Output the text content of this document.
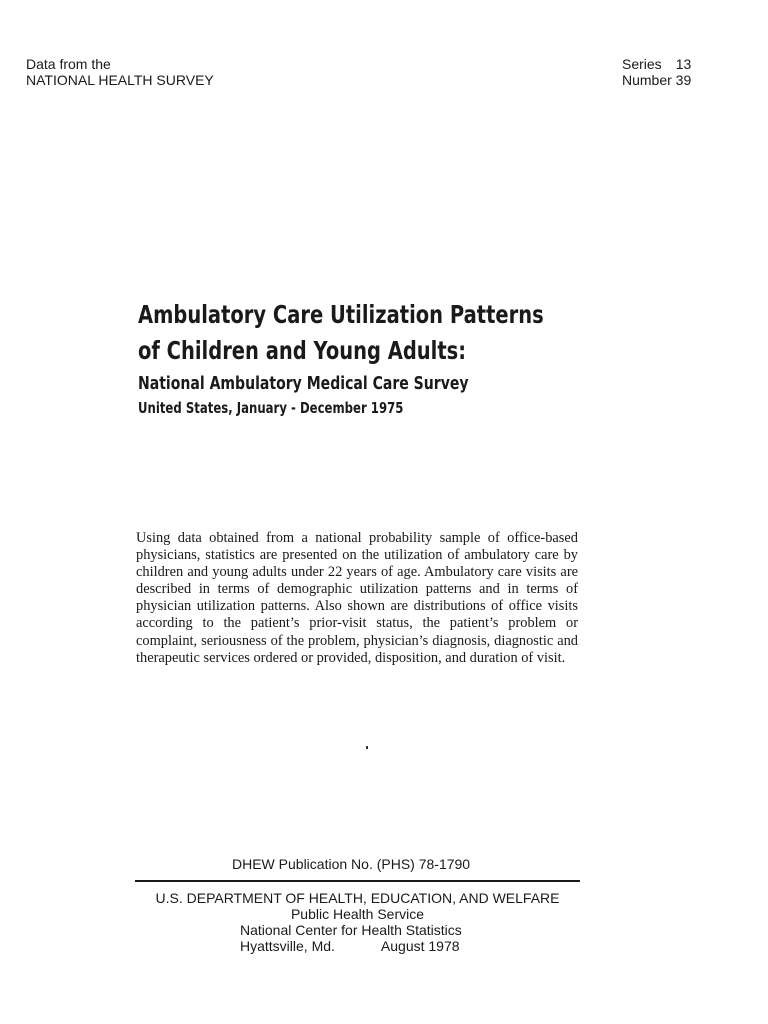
Data from the
NATIONAL HEALTH SURVEY
Series 13
Number 39
Ambulatory Care Utilization Patterns
of Children and Young Adults:
National Ambulatory Medical Care Survey
United States, January - December 1975
Using data obtained from a national probability sample of office-based physicians, statistics are presented on the utilization of ambulatory care by children and young adults under 22 years of age. Ambulatory care visits are described in terms of demographic utilization patterns and in terms of physician utilization patterns. Also shown are distributions of office visits according to the patient’s prior-visit status, the patient’s problem or complaint, seriousness of the problem, physician’s diagnosis, diagnostic and therapeutic services ordered or provided, disposition, and duration of visit.
DHEW Publication No. (PHS) 78-1790
U.S. DEPARTMENT OF HEALTH, EDUCATION, AND WELFARE
Public Health Service
National Center for Health Statistics
Hyattsville, Md.	August 1978
